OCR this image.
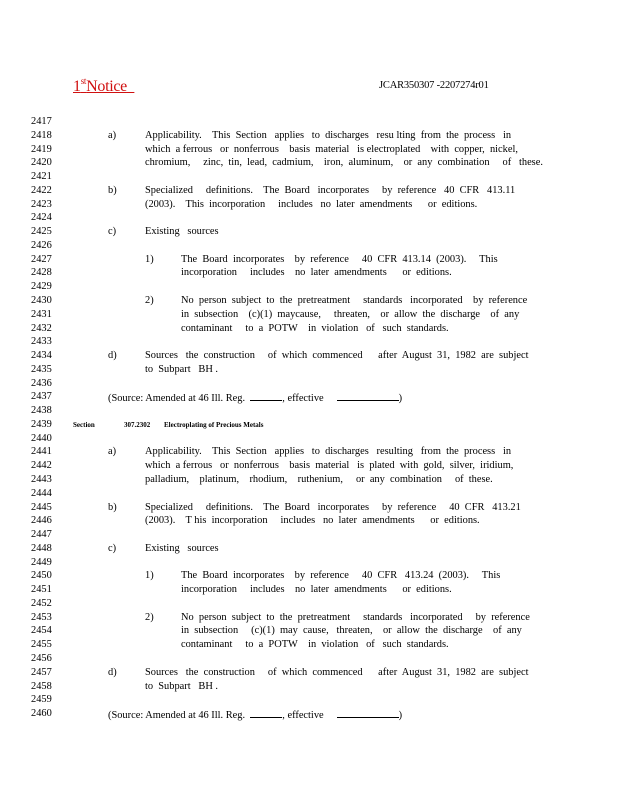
1stNotice	JCAR350307 -2207274r01
2417
2418	a)	Applicability.    This  Section   applies   to  discharges   resu lting  from  the  process   in
2419	which  a ferrous   or  nonferrous    basis  material   is electroplated    with  copper,  nickel,
2420	chromium,     zinc,  tin,  lead,  cadmium,    iron,  aluminum,    or  any  combination     of   these.
2421
2422	b)	Specialized     definitions.    The  Board   incorporates     by  reference   40  CFR   413.11
2423	(2003).    This  incorporation     includes   no  later  amendments      or  editions.
2424
2425	c)	Existing   sources
2426
2427	1)	The  Board  incorporates    by  reference     40  CFR  413.14  (2003).     This
2428	incorporation     includes    no  later  amendments      or  editions.
2429
2430	2)	No  person  subject  to  the  pretreatment     standards   incorporated    by  reference
2431	in  subsection    (c)(1)  maycause,     threaten,    or  allow  the  discharge    of  any
2432	contaminant     to  a  POTW    in  violation   of   such  standards.
2433
2434	d)	Sources   the  construction     of  which  commenced      after  August  31,  1982  are  subject
2435	to  Subpart   BH .
2436
2437	(Source: Amended at 46 Ill. Reg.	, effective	)
2438
2439	Section	307.2302 Electroplating of Precious Metals
2440
2441	a)	Applicability.    This  Section   applies   to  discharges   resulting   from  the  process   in
2442	which  a ferrous   or  nonferrous    basis  material   is  plated  with  gold,  silver,  iridium,
2443	palladium,    platinum,    rhodium,    ruthenium,     or  any  combination     of  these.
2444
2445	b)	Specialized     definitions.    The  Board   incorporates     by  reference     40  CFR   413.21
2446	(2003).    T his  incorporation     includes   no  later  amendments      or  editions.
2447
2448	c)	Existing   sources
2449
2450	1)	The  Board  incorporates    by  reference     40  CFR   413.24  (2003).     This
2451	incorporation     includes    no  later  amendments      or  editions.
2452
2453	2)	No  person  subject  to  the  pretreatment     standards   incorporated     by  reference
2454	in  subsection     (c)(1)  may  cause,   threaten,    or  allow  the  discharge    of  any
2455	contaminant     to  a  POTW    in  violation   of   such  standards.
2456
2457	d)	Sources   the  construction     of  which  commenced      after  August  31,  1982  are  subject
2458	to  Subpart   BH .
2459
2460	(Source: Amended at 46 Ill. Reg.	, effective	)
